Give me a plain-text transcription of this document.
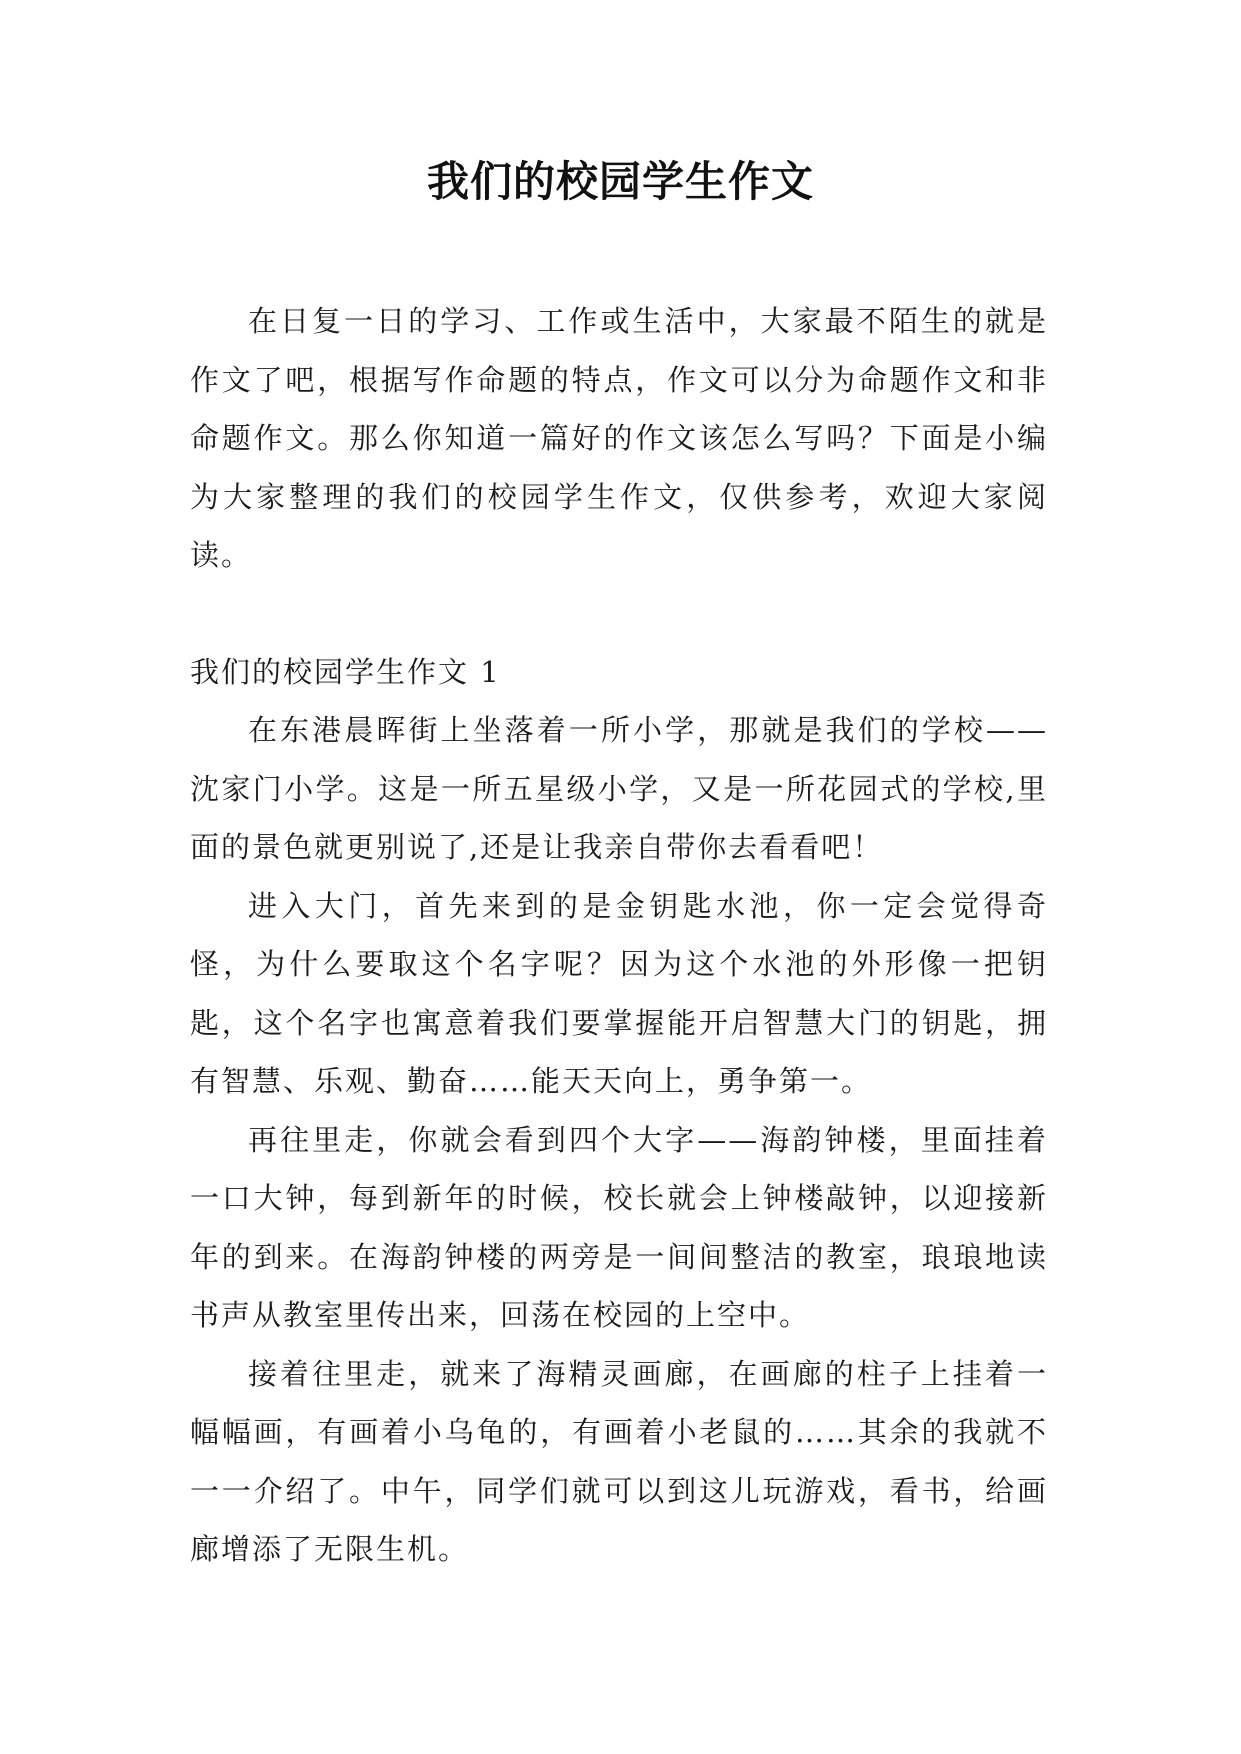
我们的校园学生作文

在日复一日的学习、工作或生活中，大家最不陌生的就是作文了吧，根据写作命题的特点，作文可以分为命题作文和非命题作文。那么你知道一篇好的作文该怎么写吗？下面是小编为大家整理的我们的校园学生作文，仅供参考，欢迎大家阅读。

我们的校园学生作文 1

在东港晨晖街上坐落着一所小学，那就是我们的学校——沈家门小学。这是一所五星级小学，又是一所花园式的学校,里面的景色就更别说了,还是让我亲自带你去看看吧！

进入大门，首先来到的是金钥匙水池，你一定会觉得奇怪，为什么要取这个名字呢？因为这个水池的外形像一把钥匙，这个名字也寓意着我们要掌握能开启智慧大门的钥匙，拥有智慧、乐观、勤奋……能天天向上，勇争第一。

再往里走，你就会看到四个大字——海韵钟楼，里面挂着一口大钟，每到新年的时候，校长就会上钟楼敲钟，以迎接新年的到来。在海韵钟楼的两旁是一间间整洁的教室，琅琅地读书声从教室里传出来，回荡在校园的上空中。

接着往里走，就来了海精灵画廊，在画廊的柱子上挂着一幅幅画，有画着小乌龟的，有画着小老鼠的……其余的我就不一一介绍了。中午，同学们就可以到这儿玩游戏，看书，给画廊增添了无限生机。
